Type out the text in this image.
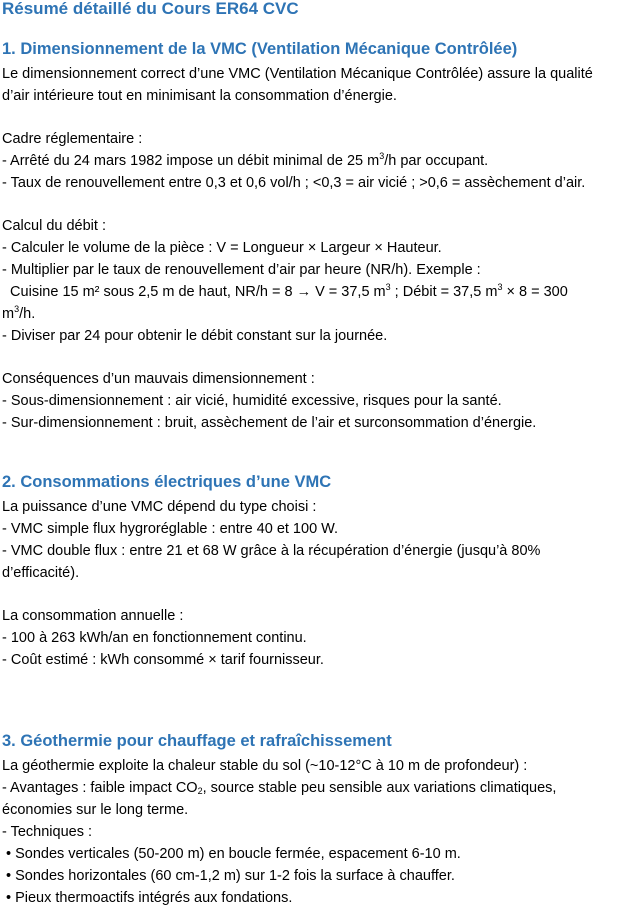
Résumé détaillé du Cours ER64 CVC
1. Dimensionnement de la VMC (Ventilation Mécanique Contrôlée)
Le dimensionnement correct d’une VMC (Ventilation Mécanique Contrôlée) assure la qualité
d’air intérieure tout en minimisant la consommation d’énergie.
Cadre réglementaire :
- Arrêté du 24 mars 1982 impose un débit minimal de 25 $m^3/h$ par occupant.
- Taux de renouvellement entre 0,3 et 0,6 vol/h ; <0,3 = air vicié ; >0,6 = assèchement d’air.
Calcul du débit :
- Calculer le volume de la pièce : V = Longueur × Largeur × Hauteur.
- Multiplier par le taux de renouvellement d’air par heure (NR/h). Exemple :
Cuisine 15 m² sous 2,5 m de haut, NR/h = 8 → V = 37,5 $m^3$ ; Débit = 37,5 $m^3 \times 8 = 300$
$m^3/h$.
- Diviser par 24 pour obtenir le débit constant sur la journée.
Conséquences d’un mauvais dimensionnement :
- Sous-dimensionnement : air vicié, humidité excessive, risques pour la santé.
- Sur-dimensionnement : bruit, assèchement de l’air et surconsommation d’énergie.
2. Consommations électriques d’une VMC
La puissance d’une VMC dépend du type choisi :
- VMC simple flux hygroréglable : entre 40 et 100 W.
- VMC double flux : entre 21 et 68 W grâce à la récupération d’énergie (jusqu’à 80%
d’efficacité).
La consommation annuelle :
- 100 à 263 kWh/an en fonctionnement continu.
- Coût estimé : kWh consommé × tarif fournisseur.
3. Géothermie pour chauffage et rafraîchissement
La géothermie exploite la chaleur stable du sol (~10-12°C à 10 m de profondeur) :
- Avantages : faible impact $CO_2$, source stable peu sensible aux variations climatiques,
économies sur le long terme.
- Techniques :
• Sondes verticales (50-200 m) en boucle fermée, espacement 6-10 m.
• Sondes horizontales (60 cm-1,2 m) sur 1-2 fois la surface à chauffer.
• Pieux thermoactifs intégrés aux fondations.
